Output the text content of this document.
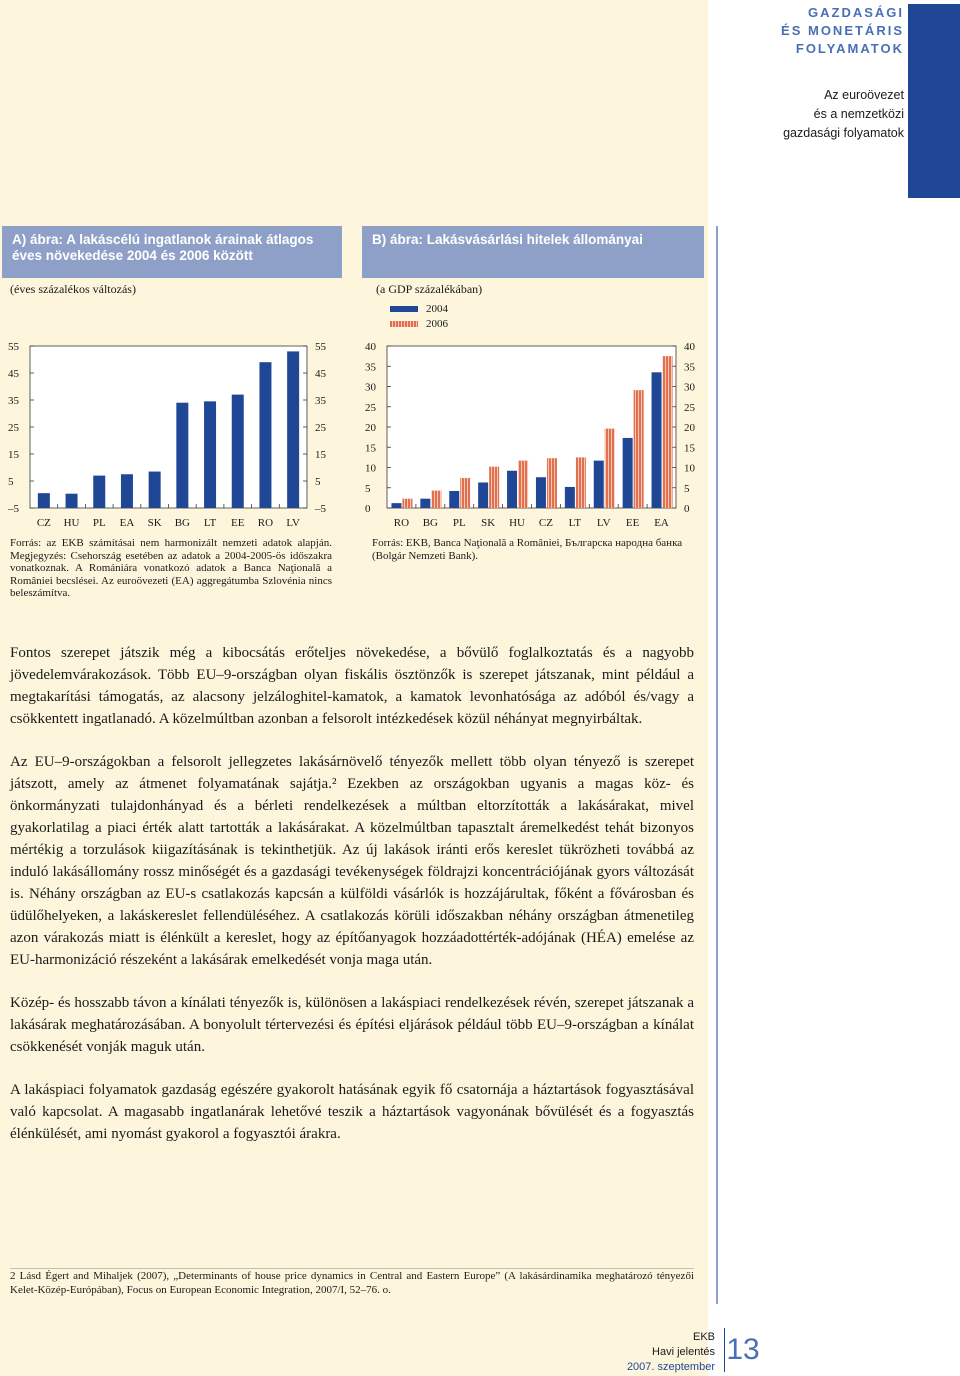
GAZDASÁGI
ÉS MONETÁRIS
FOLYAMATOK
Az euroövezet
és a nemzetközi
gazdasági folyamatok
A) ábra: A lakáscélú ingatlanok árainak átlagos
éves növekedése 2004 és 2006 között
B) ábra: Lakásvásárlási hitelek állományai
(éves százalékos változás)	(a GDP százalékában)
2004
2006
55	55
45	45
35	35
25	25
15	15
5	5
–5	–5
CZ HU PL EA SK BG LT EE RO LV
40	40
35	35
30	30
25	25
20	20
15	15
10	10
5	5
0	0
RO BG PL SK HU CZ LT LV EE EA
Forrás: az EKB számításai nem harmonizált nemzeti adatok alapján. Megjegyzés: Csehország esetében az adatok a 2004-2005-ös időszakra vonatkoznak. A Romániára vonatkozó adatok a Banca Naţională a României becslései. Az euroövezeti (EA) aggregátumba Szlovénia nincs beleszámítva.
Forrás: EKB, Banca Naţională a României, Българска народна банка (Bolgár Nemzeti Bank).

Fontos szerepet játszik még a kibocsátás erőteljes növekedése, a bővülő foglalkoztatás és a nagyobb jövedelemvárakozások. Több EU–9-országban olyan fiskális ösztönzők is szerepet játszanak, mint például a megtakarítási támogatás, az alacsony jelzáloghitel-kamatok, a kamatok levonhatósága az adóból és/vagy a csökkentett ingatlanadó. A közelmúltban azonban a felsorolt intézkedések közül néhányat megnyirbáltak.

Az EU–9-országokban a felsorolt jellegzetes lakásárnövelő tényezők mellett több olyan tényező is szerepet játszott, amely az átmenet folyamatának sajátja.² Ezekben az országokban ugyanis a magas köz- és önkormányzati tulajdonhányad és a bérleti rendelkezések a múltban eltorzították a lakásárakat, mivel gyakorlatilag a piaci érték alatt tartották a lakásárakat. A közelmúltban tapasztalt áremelkedést tehát bizonyos mértékig a torzulások kiigazításának is tekinthetjük. Az új lakások iránti erős kereslet tükrözheti továbbá az induló lakásállomány rossz minőségét és a gazdasági tevékenységek földrajzi koncentrációjának gyors változását is. Néhány országban az EU-s csatlakozás kapcsán a külföldi vásárlók is hozzájárultak, főként a fővárosban és üdülőhelyeken, a lakáskereslet fellendüléséhez. A csatlakozás körüli időszakban néhány országban átmenetileg azon várakozás miatt is élénkült a kereslet, hogy az építőanyagok hozzáadottérték-adójának (HÉA) emelése az EU-harmonizáció részeként a lakásárak emelkedését vonja maga után.

Közép- és hosszabb távon a kínálati tényezők is, különösen a lakáspiaci rendelkezések révén, szerepet játszanak a lakásárak meghatározásában. A bonyolult tértervezési és építési eljárások például több EU–9-országban a kínálat csökkenését vonják maguk után.

A lakáspiaci folyamatok gazdaság egészére gyakorolt hatásának egyik fő csatornája a háztartások fogyasztásával való kapcsolat. A magasabb ingatlanárak lehetővé teszik a háztartások vagyonának bővülését és a fogyasztás élénkülését, ami nyomást gyakorol a fogyasztói árakra.

2 Lásd Égert and Mihaljek (2007), „Determinants of house price dynamics in Central and Eastern Europe” (A lakásárdinamika meghatározó tényezői Kelet-Közép-Európában), Focus on European Economic Integration, 2007/I, 52–76. o.
EKB
Havi jelentés
2007. szeptember
13
